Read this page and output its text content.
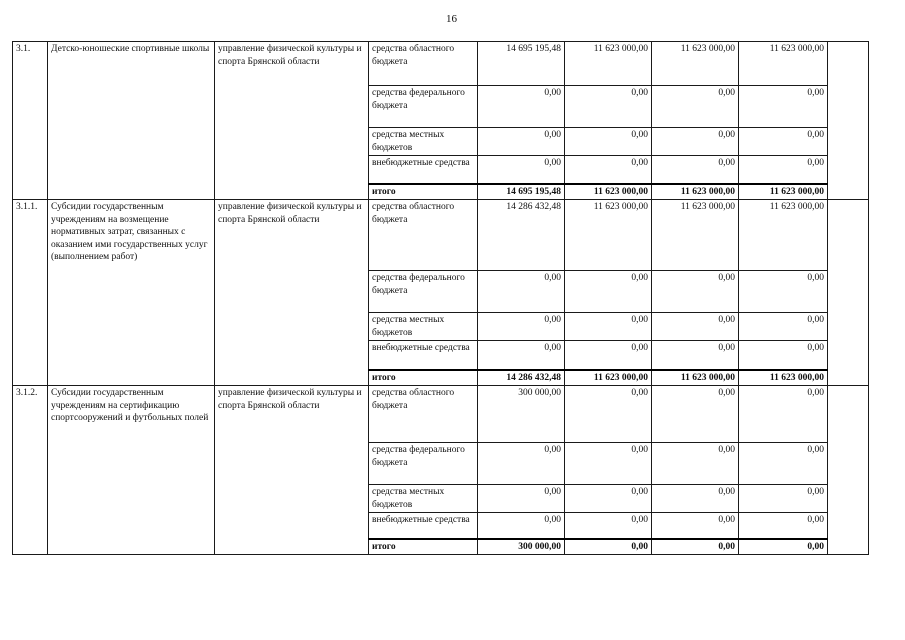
16
3.1.	Детско-юношеские спортивные школы	управление физической культуры и спорта Брянской области	средства областного бюджета	14 695 195,48	11 623 000,00	11 623 000,00	11 623 000,00	
			средства федерального бюджета	0,00	0,00	0,00	0,00	
			средства местных бюджетов	0,00	0,00	0,00	0,00	
			внебюджетные средства	0,00	0,00	0,00	0,00	
			итого	14 695 195,48	11 623 000,00	11 623 000,00	11 623 000,00	
3.1.1.	Субсидии государственным учреждениям на возмещение нормативных затрат, связанных с оказанием ими государственных услуг (выполнением работ)	управление физической культуры и спорта Брянской области	средства областного бюджета	14 286 432,48	11 623 000,00	11 623 000,00	11 623 000,00	
			средства федерального бюджета	0,00	0,00	0,00	0,00	
			средства местных бюджетов	0,00	0,00	0,00	0,00	
			внебюджетные средства	0,00	0,00	0,00	0,00	
			итого	14 286 432,48	11 623 000,00	11 623 000,00	11 623 000,00	
3.1.2.	Субсидии государственным учреждениям на сертификацию спортсооружений и футбольных полей	управление физической культуры и спорта Брянской области	средства областного бюджета	300 000,00	0,00	0,00	0,00	
			средства федерального бюджета	0,00	0,00	0,00	0,00	
			средства местных бюджетов	0,00	0,00	0,00	0,00	
			внебюджетные средства	0,00	0,00	0,00	0,00	
			итого	300 000,00	0,00	0,00	0,00	
